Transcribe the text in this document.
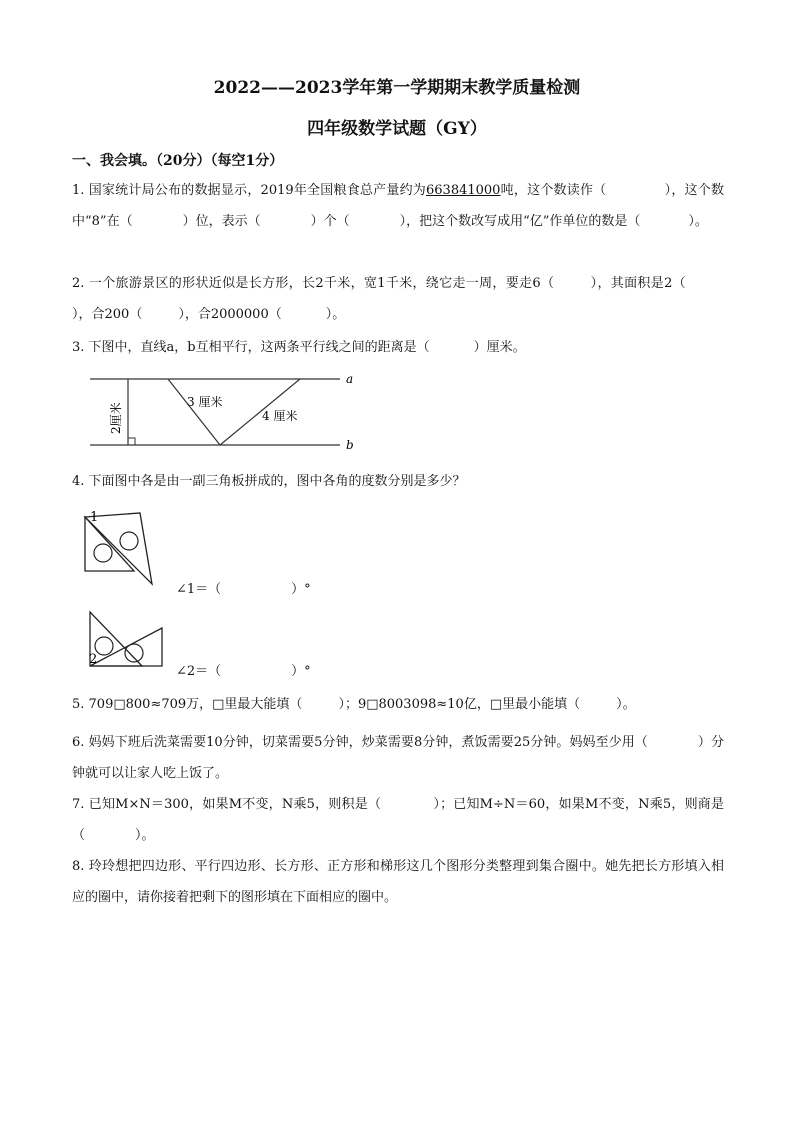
2022——2023学年第一学期期末教学质量检测
四年级数学试题（GY）
一、我会填。（20分）（每空1分）
1. 国家统计局公布的数据显示，2019年全国粮食总产量约为663841000吨，这个数读作（	），这个数中“8”在（	）位，表示（	）个（	），把这个数改写成用“亿”作单位的数是（	）。
2. 一个旅游景区的形状近似是长方形，长2千米，宽1千米，绕它走一周，要走6（	），其面积是2（），合200（	），合2000000（	）。
3. 下图中，直线a，b互相平行，这两条平行线之间的距离是（	）厘米。
a
b
2厘米
3 厘米
4 厘米
4. 下面图中各是由一副三角板拼成的，图中各角的度数分别是多少？
1
∠1＝（	）°
2
∠2＝（	）°
5. 709□800≈709万，□里最大能填（	）；9□8003098≈10亿，□里最小能填（	）。
6. 妈妈下班后洗菜需要10分钟，切菜需要5分钟，炒菜需要8分钟，煮饭需要25分钟。妈妈至少用（	）分钟就可以让家人吃上饭了。
7. 已知M×N＝300，如果M不变，N乘5，则积是（	）；已知M÷N＝60，如果M不变，N乘5，则商是（	）。
8. 玲玲想把四边形、平行四边形、长方形、正方形和梯形这几个图形分类整理到集合圈中。她先把长方形填入相应的圈中，请你接着把剩下的图形填在下面相应的圈中。
